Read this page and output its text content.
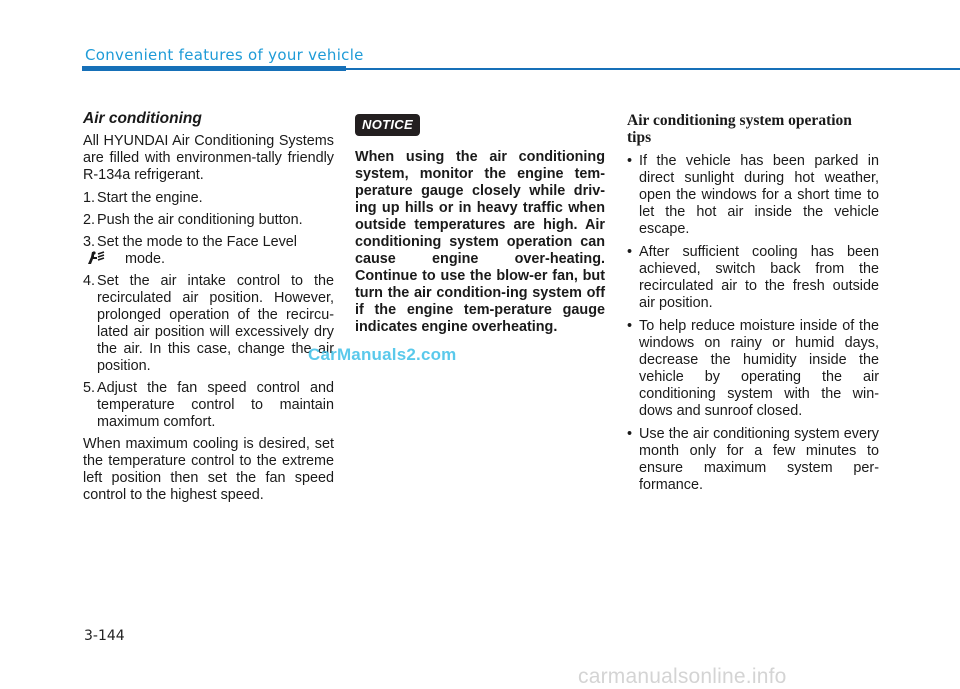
Convenient features of your vehicle
Air conditioning

All HYUNDAI Air Conditioning Systems are filled with environmen-tally friendly R-134a refrigerant.

1. Start the engine.
2. Push the air conditioning button.
3. Set the mode to the Face Level
mode.
4. Set the air intake control to the recirculated air position. However, prolonged operation of the recircu-lated air position will excessively dry the air. In this case, change the air position.
5. Adjust the fan speed control and temperature control to maintain maximum comfort.

When maximum cooling is desired, set the temperature control to the extreme left position then set the fan speed control to the highest speed.

NOTICE

When using the air conditioning system, monitor the engine tem-perature gauge closely while driv-ing up hills or in heavy traffic when outside temperatures are high. Air conditioning system operation can cause engine over-heating. Continue to use the blow-er fan, but turn the air condition-ing system off if the engine tem-perature gauge indicates engine overheating.

Air conditioning system operation tips
• If the vehicle has been parked in direct sunlight during hot weather, open the windows for a short time to let the hot air inside the vehicle escape.
• After sufficient cooling has been achieved, switch back from the recirculated air to the fresh outside air position.
• To help reduce moisture inside of the windows on rainy or humid days, decrease the humidity inside the vehicle by operating the air conditioning system with the win-dows and sunroof closed.
• Use the air conditioning system every month only for a few minutes to ensure maximum system per-formance.
3-144
CarManuals2.com
carmanualsonline.info
